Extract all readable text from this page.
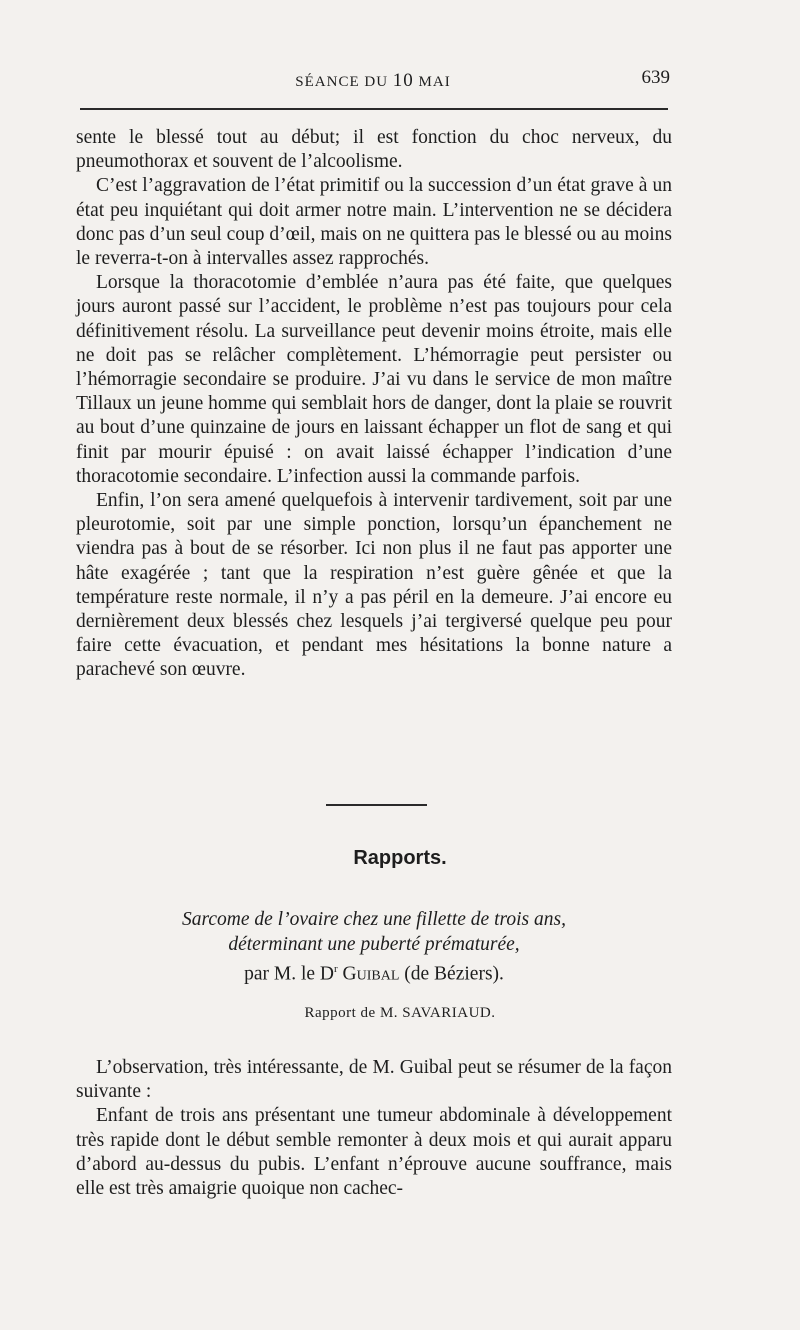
SÉANCE DU 10 MAI	639

sente le blessé tout au début; il est fonction du choc nerveux, du pneumothorax et souvent de l’alcoolisme.

C’est l’aggravation de l’état primitif ou la succession d’un état grave à un état peu inquiétant qui doit armer notre main. L’intervention ne se décidera donc pas d’un seul coup d’œil, mais on ne quittera pas le blessé ou au moins le reverra-t-on à intervalles assez rapprochés.

Lorsque la thoracotomie d’emblée n’aura pas été faite, que quelques jours auront passé sur l’accident, le problème n’est pas toujours pour cela définitivement résolu. La surveillance peut devenir moins étroite, mais elle ne doit pas se relâcher complètement. L’hémorragie peut persister ou l’hémorragie secondaire se produire. J’ai vu dans le service de mon maître Tillaux un jeune homme qui semblait hors de danger, dont la plaie se rouvrit au bout d’une quinzaine de jours en laissant échapper un flot de sang et qui finit par mourir épuisé : on avait laissé échapper l’indication d’une thoracotomie secondaire. L’infection aussi la commande parfois.

Enfin, l’on sera amené quelquefois à intervenir tardivement, soit par une pleurotomie, soit par une simple ponction, lorsqu’un épanchement ne viendra pas à bout de se résorber. Ici non plus il ne faut pas apporter une hâte exagérée ; tant que la respiration n’est guère gênée et que la température reste normale, il n’y a pas péril en la demeure. J’ai encore eu dernièrement deux blessés chez lesquels j’ai tergiversé quelque peu pour faire cette évacuation, et pendant mes hésitations la bonne nature a parachevé son œuvre.

Rapports.
Sarcome de l’ovaire chez une fillette de trois ans,
déterminant une puberté prématurée,
par M. le $D^r$ Guibal (de Béziers).
Rapport de M. SAVARIAUD.

L’observation, très intéressante, de M. Guibal peut se résumer de la façon suivante :

Enfant de trois ans présentant une tumeur abdominale à développement très rapide dont le début semble remonter à deux mois et qui aurait apparu d’abord au-dessus du pubis. L’enfant n’éprouve aucune souffrance, mais elle est très amaigrie quoique non cachec-
